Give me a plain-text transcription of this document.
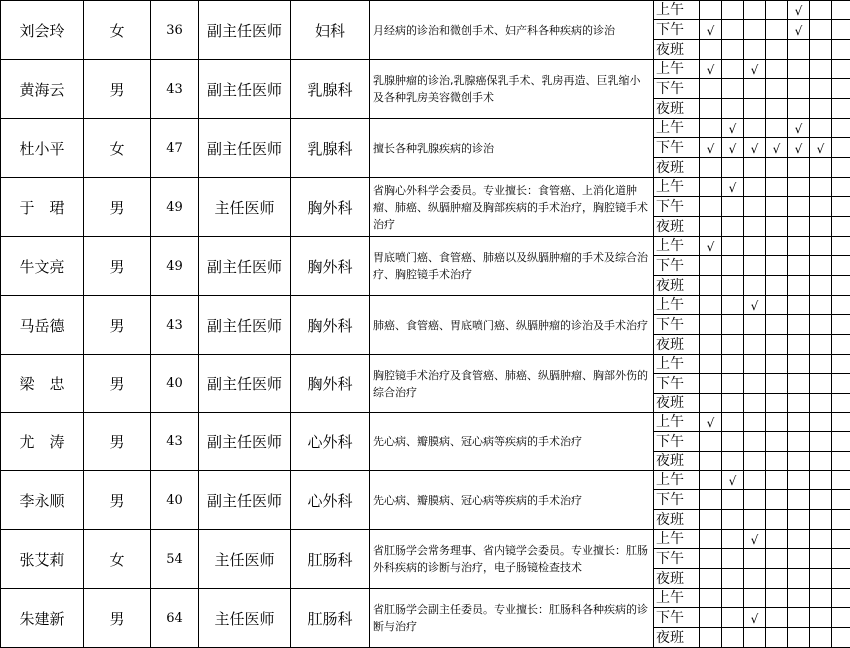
刘会玲	女	36	副主任医师	妇科	月经病的诊治和微创手术、妇产科各种疾病的诊治	上午					√			
						下午	√				√			
						夜班								
黄海云	男	43	副主任医师	乳腺科	乳腺肿瘤的诊治,乳腺癌保乳手术、乳房再造、巨乳缩小及各种乳房美容微创手术	上午	√		√					
						下午								
						夜班								
杜小平	女	47	副主任医师	乳腺科	擅长各种乳腺疾病的诊治	上午		√			√			
						下午	√	√	√	√	√	√		
						夜班								
于　珺	男	49	主任医师	胸外科	省胸心外科学会委员。专业擅长：食管癌、上消化道肿瘤、肺癌、纵膈肿瘤及胸部疾病的手术治疗，胸腔镜手术治疗	上午		√						
						下午								
						夜班								
牛文亮	男	49	副主任医师	胸外科	胃底喷门癌、食管癌、肺癌以及纵膈肿瘤的手术及综合治疗、胸腔镜手术治疗	上午	√							
						下午								
						夜班								
马岳德	男	43	副主任医师	胸外科	肺癌、食管癌、胃底喷门癌、纵膈肿瘤的诊治及手术治疗	上午			√					
						下午								
						夜班								
梁　忠	男	40	副主任医师	胸外科	胸腔镜手术治疗及食管癌、肺癌、纵膈肿瘤、胸部外伤的综合治疗	上午								
						下午								
						夜班								
尤　涛	男	43	副主任医师	心外科	先心病、瓣膜病、冠心病等疾病的手术治疗	上午	√							
						下午								
						夜班								
李永顺	男	40	副主任医师	心外科	先心病、瓣膜病、冠心病等疾病的手术治疗	上午		√						
						下午								
						夜班								
张艾莉	女	54	主任医师	肛肠科	省肛肠学会常务理事、省内镜学会委员。专业擅长：肛肠外科疾病的诊断与治疗，电子肠镜检查技术	上午			√					
						下午								
						夜班								
朱建新	男	64	主任医师	肛肠科	省肛肠学会副主任委员。专业擅长：肛肠科各种疾病的诊断与治疗	上午								
						下午			√					
						夜班								
